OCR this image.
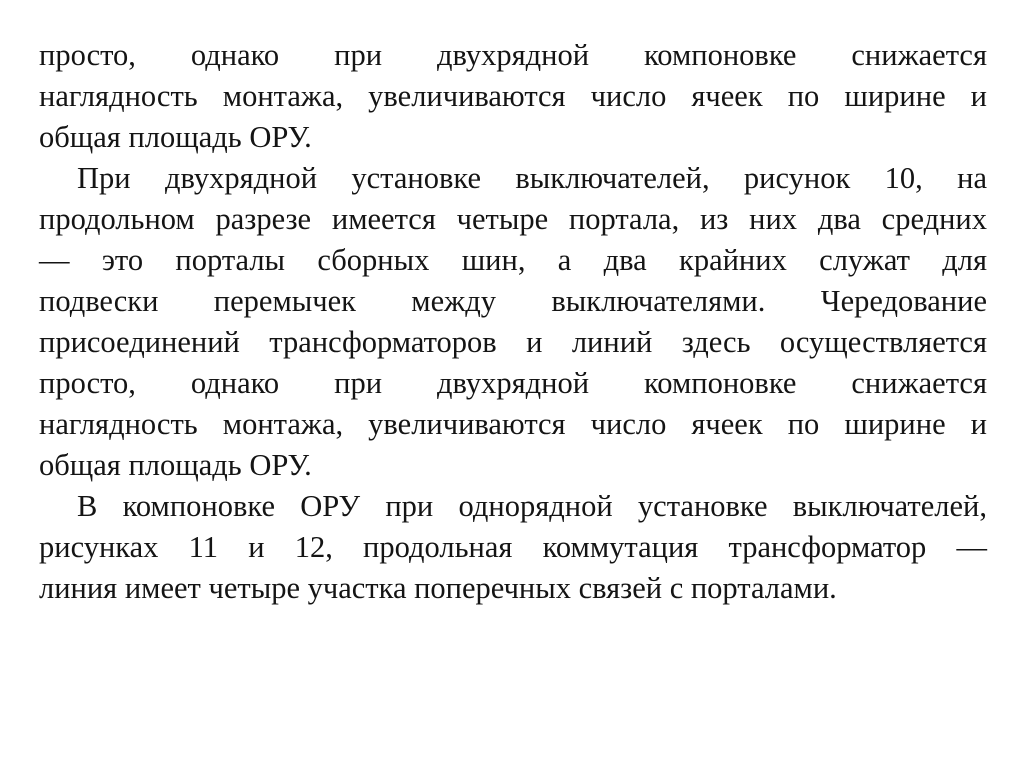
просто, однако при двухрядной компоновке снижается
наглядность монтажа, увеличиваются число ячеек по ширине и
общая площадь ОРУ.
При двухрядной установке выключателей, рисунок 10, на
продольном разрезе имеется четыре портала, из них два средних
— это порталы сборных шин, а два крайних служат для
подвески перемычек между выключателями. Чередование
присоединений трансформаторов и линий здесь осуществляется
просто, однако при двухрядной компоновке снижается
наглядность монтажа, увеличиваются число ячеек по ширине и
общая площадь ОРУ.
В компоновке ОРУ при однорядной установке выключателей,
рисунках 11 и 12, продольная коммутация трансформатор —
линия имеет четыре участка поперечных связей с порталами.
